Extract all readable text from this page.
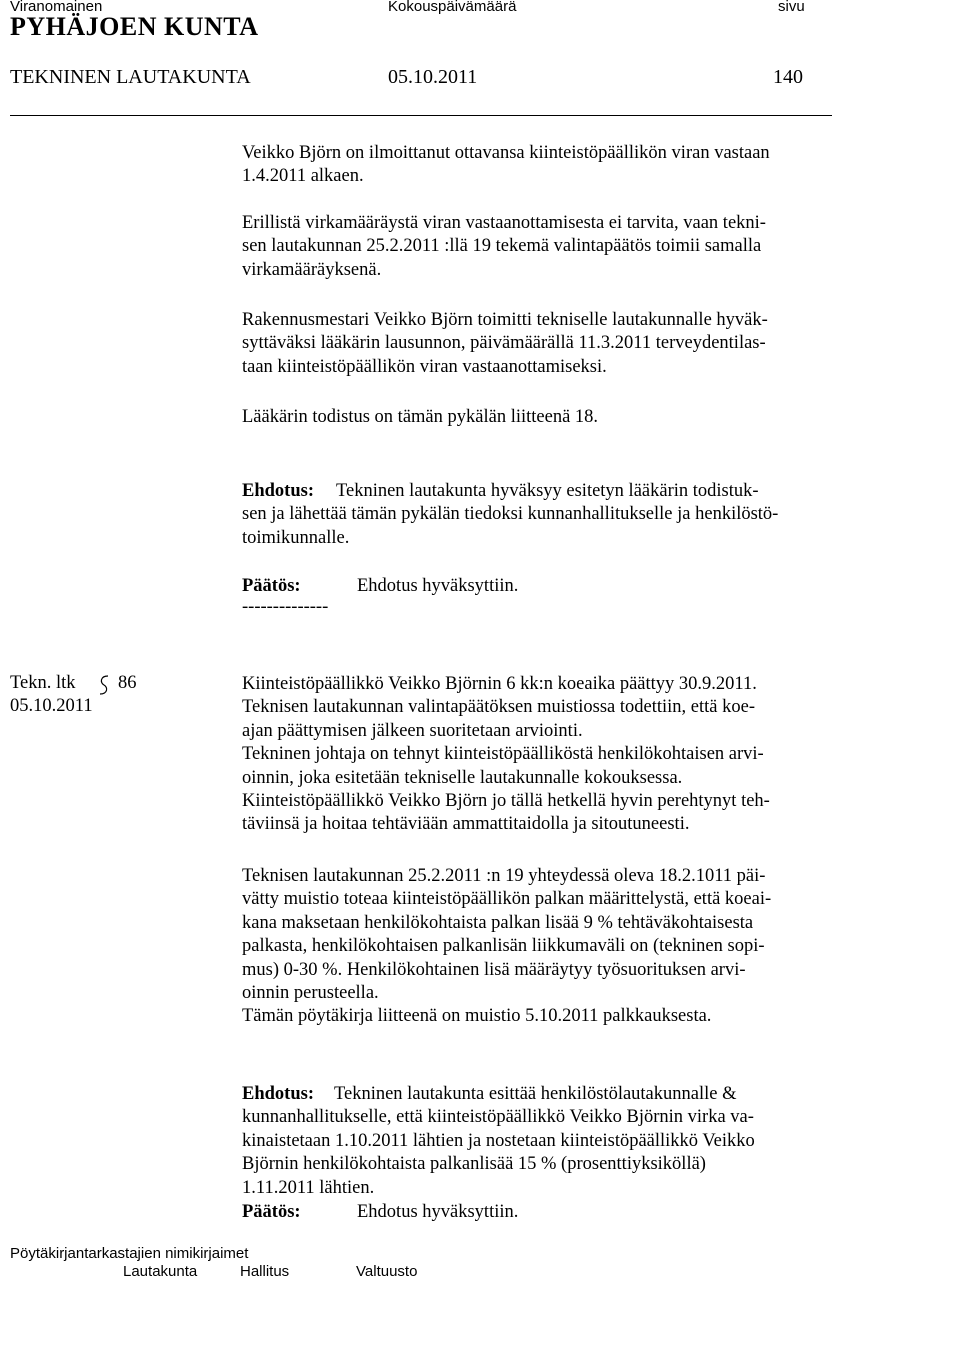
Viranomainen	Kokouspäivämäärä	sivu
PYHÄJOEN KUNTA
TEKNINEN LAUTAKUNTA	05.10.2011	140
Veikko Björn on ilmoittanut ottavansa kiinteistöpäällikön viran vastaan
1.4.2011 alkaen.
Erillistä virkamääräystä viran vastaanottamisesta ei tarvita, vaan tekni-
sen lautakunnan 25.2.2011 :llä 19 tekemä valintapäätös toimii samalla
virkamääräyksenä.
Rakennusmestari Veikko Björn toimitti tekniselle lautakunnalle hyväk-
syttäväksi lääkärin lausunnon, päivämäärällä 11.3.2011 terveydentilas-
taan kiinteistöpäällikön viran vastaanottamiseksi.
Lääkärin todistus on tämän pykälän liitteenä 18.
Ehdotus: Tekninen lautakunta hyväksyy esitetyn lääkärin todistuk-
sen ja lähettää tämän pykälän tiedoksi kunnanhallitukselle ja henkilöstö-
toimikunnalle.
Päätös:	Ehdotus hyväksyttiin.
--------------
Tekn. ltk 86
05.10.2011
Kiinteistöpäällikkö Veikko Björnin 6 kk:n koeaika päättyy 30.9.2011.
Teknisen lautakunnan valintapäätöksen muistiossa todettiin, että koe-
ajan päättymisen jälkeen suoritetaan arviointi.
Tekninen johtaja on tehnyt kiinteistöpäälliköstä henkilökohtaisen arvi-
oinnin, joka esitetään tekniselle lautakunnalle kokouksessa.
Kiinteistöpäällikkö Veikko Björn jo tällä hetkellä hyvin perehtynyt teh-
täviinsä ja hoitaa tehtäviään ammattitaidolla ja sitoutuneesti.
Teknisen lautakunnan 25.2.2011 :n 19 yhteydessä oleva 18.2.1011 päi-
vätty muistio toteaa kiinteistöpäällikön palkan määrittelystä, että koeai-
kana maksetaan henkilökohtaista palkan lisää 9 % tehtäväkohtaisesta
palkasta, henkilökohtaisen palkanlisän liikkumaväli on (tekninen sopi-
mus) 0-30 %. Henkilökohtainen lisä määräytyy työsuorituksen arvi-
oinnin perusteella.
Tämän pöytäkirja liitteenä on muistio 5.10.2011 palkkauksesta.
Ehdotus: Tekninen lautakunta esittää henkilöstölautakunnalle &
kunnanhallitukselle, että kiinteistöpäällikkö Veikko Björnin virka va-
kinaistetaan 1.10.2011 lähtien ja nostetaan kiinteistöpäällikkö Veikko
Björnin henkilökohtaista palkanlisää 15 % (prosenttiyksiköllä)
1.11.2011 lähtien.
Päätös:	Ehdotus hyväksyttiin.
Pöytäkirjantarkastajien nimikirjaimet
Lautakunta	Hallitus	Valtuusto
